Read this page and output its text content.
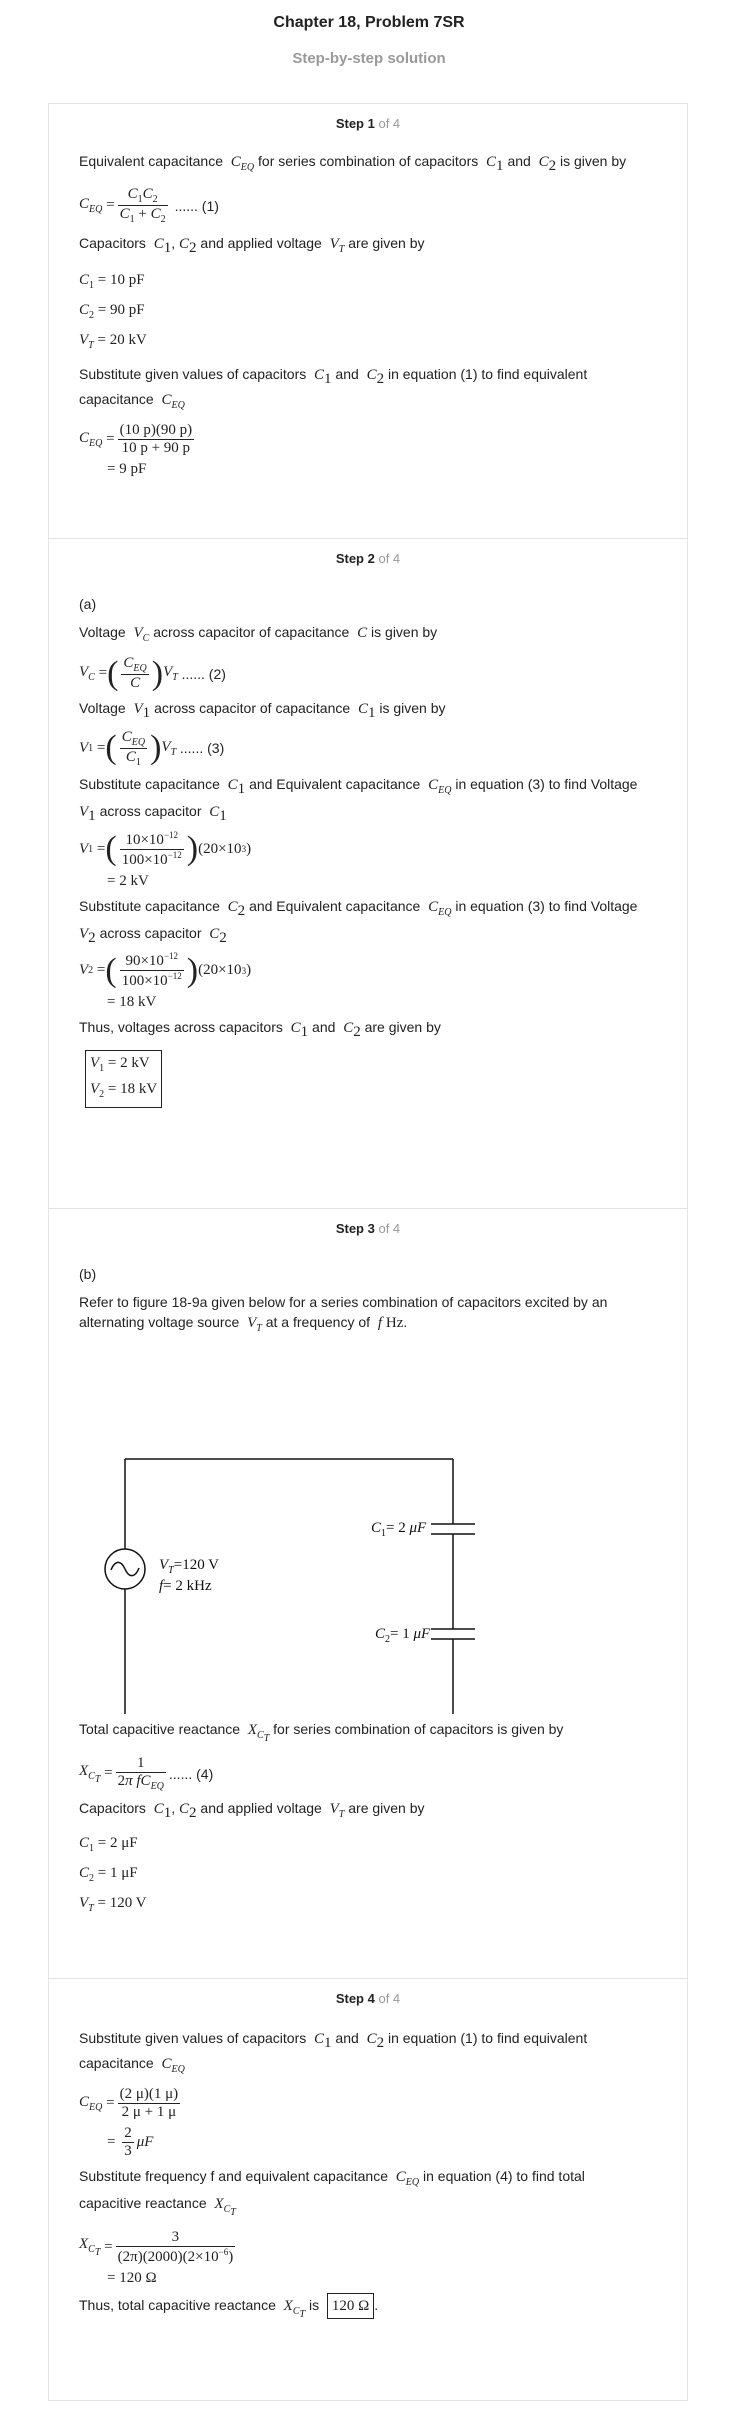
Chapter 18, Problem 7SR
Step-by-step solution
Step 1 of 4

Equivalent capacitance $C_{EQ}$ for series combination of capacitors $C_1$ and $C_2$ is given by

$C_{EQ} = \frac{C_1C_2}{C_1 + C_2}$ ...... (1)

Capacitors $C_1$, $C_2$ and applied voltage $V_T$ are given by

$C_1 = 10$ pF
$C_2 = 90$ pF
$V_T = 20$ kV

Substitute given values of capacitors $C_1$ and  $C_2$ in equation (1) to find equivalent

capacitance $C_{EQ}$

$C_{EQ} = \frac{(10 p)(90 p)}{10 p + 90 p}$
= 9 pF
Step 2 of 4

(a)

Voltage $V_C$ across capacitor of capacitance C is given by

$V_C$ = ( $\frac{C_{EQ}}{C}$ ) $V_T$
...... (2)

Voltage $V_1$ across capacitor of capacitance $C_1$ is given by

V 1 = ( $\frac{C_{EQ}}{C_1}$ ) $V_T$
...... (3)

Substitute capacitance $C_1$ and Equivalent capacitance $C_{EQ}$ in equation (3) to find Voltage

$V_1$ across capacitor $C_1$

V 1 = ( $\frac{10\times 10^{-12}}{100\times 10^{-12}}$ ) (20×10 3 )
= 2 kV

Substitute capacitance $C_2$ and Equivalent capacitance $C_{EQ}$ in equation (3) to find Voltage

$V_2$ across capacitor $C_2$

V 2 = ( $\frac{90\times 10^{-12}}{100\times 10^{-12}}$ ) (20×10 3 )
= 18 kV

Thus, voltages across capacitors $C_1$ and  $C_2$ are given by

$V_1 = 2$ kV
$V_2 = 18$ kV
Step 3 of 4

(b)

Refer to figure 18-9a given below for a series combination of capacitors excited by an

alternating voltage source $V_T$ at a frequency of f Hz.

$V_T=120$ V
f= 2 kHz
$C_1= 2$ μF
$C_2= 1$ μF

Total capacitive reactance $X_{C_T}$ for series combination of capacitors is given by

$X_{C_T} = \frac{1}{2\pi fC_{EQ}}$ ...... (4)

Capacitors $C_1$, $C_2$ and applied voltage $V_T$ are given by

$C_1 = 2$ μF
$C_2 = 1$ μF
$V_T = 120$ V
Step 4 of 4

Substitute given values of capacitors $C_1$ and  $C_2$ in equation (1) to find equivalent

capacitance $C_{EQ}$

$C_{EQ} = \frac{(2 \mu)(1 \mu)}{2 \mu + 1 \mu}$
= $\frac{2}{3}$ μF

Substitute frequency f and equivalent capacitance $C_{EQ}$ in equation (4) to find total

capacitive reactance $X_{C_T}$

$X_{C_T} = \frac{3}{(2\pi)(2000)(2\times 10^{-6})}$
= 120 Ω

Thus, total capacitive reactance $X_{C_T}$ is 120 Ω .
